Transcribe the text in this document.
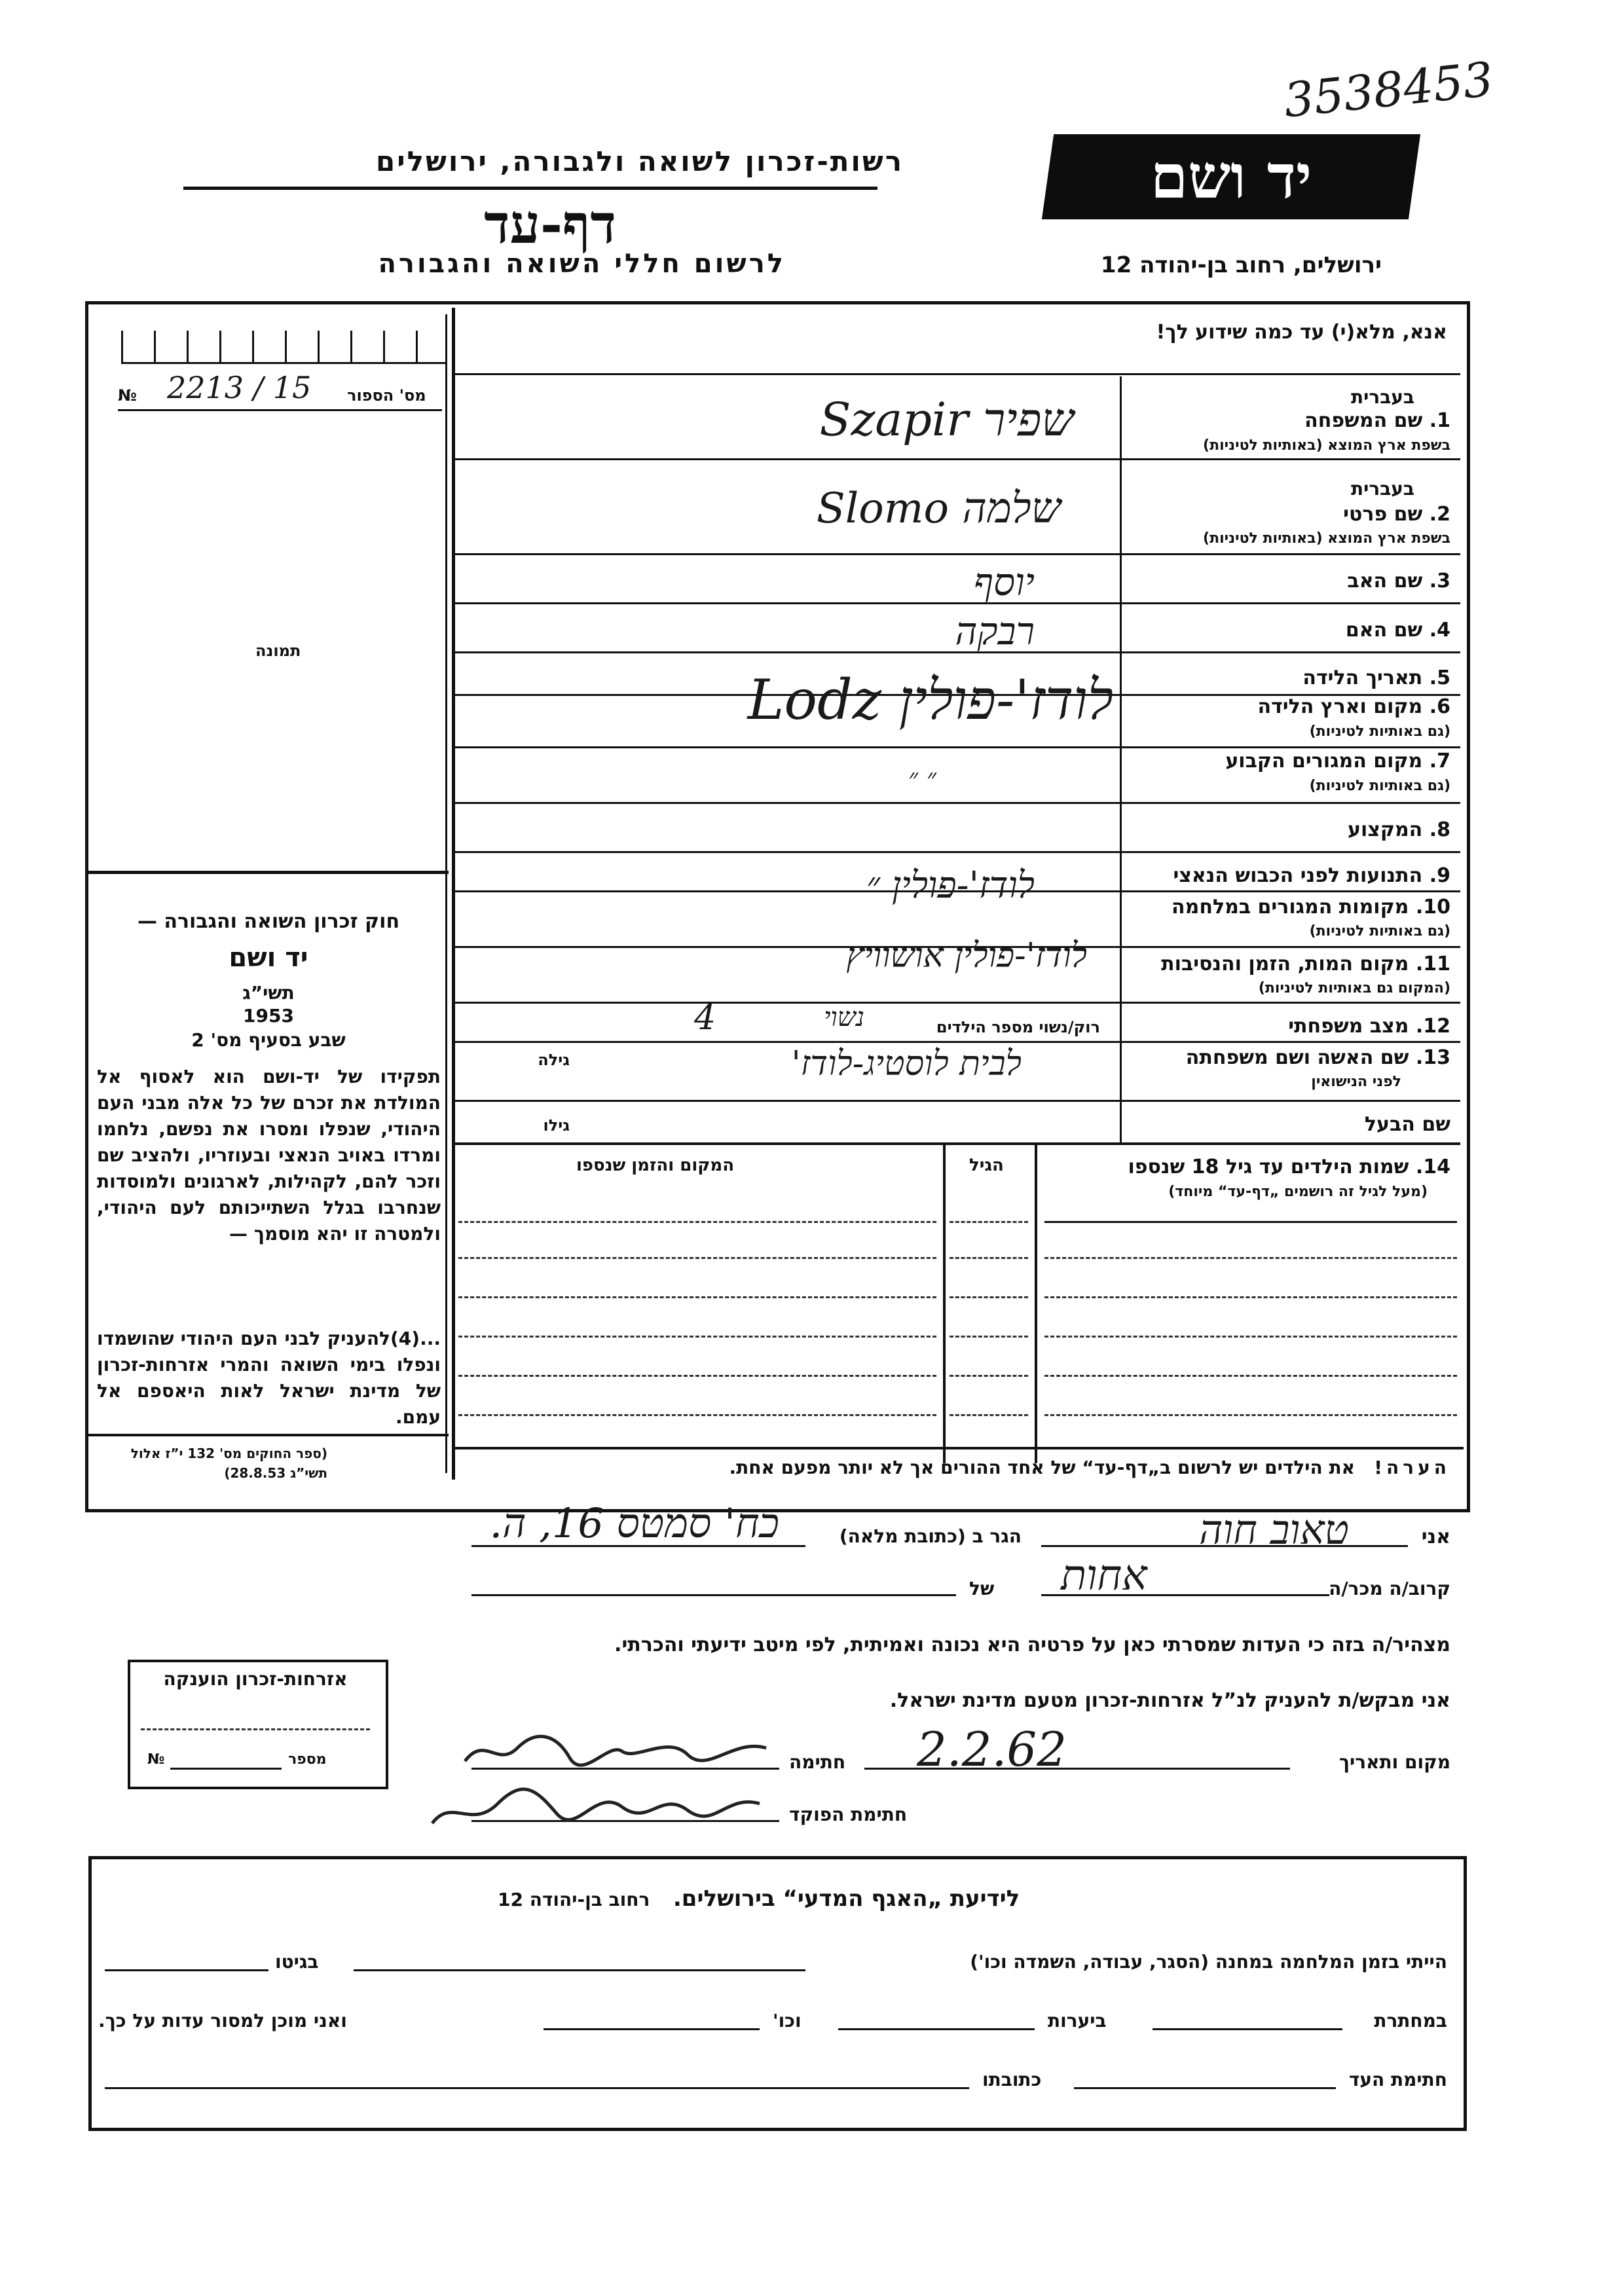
3538453
יד ושם
רשות-זכרון לשואה ולגבורה, ירושלים
דף-עד
לרשום חללי השואה והגבורה	ירושלים, רחוב בן-יהודה 12
אנא, מלא(י) עד כמה שידוע לך!
№ 2213 / 15 מס' הספור
תמונה
חוק זכרון השואה והגבורה —
יד ושם
תשי”ג
1953
שבע בסעיף מס' 2
תפקידו של יד-ושם הוא לאסוף אל המולדת את זכרם של כל אלה מבני העם היהודי, שנפלו ומסרו את נפשם, נלחמו ומרדו באויב הנאצי ובעוזריו, ולהציב שם וזכר להם, לקהילות, לארגונים ולמוסדות שנחרבו בגלל השתייכותם לעם היהודי, ולמטרה זו יהא מוסמך —
...(4)להעניק לבני העם היהודי שהושמדו ונפלו בימי השואה והמרי אזרחות-זכרון של מדינת ישראל לאות היאספם אל עמם.
(ספר החוקים מס' 132 י”ז אלול תשי”ג 28.8.53)
בעברית
1. שם המשפחה
בשפת ארץ המוצא (באותיות לטיניות)
שפיר Szapir
בעברית
2. שם פרטי
בשפת ארץ המוצא (באותיות לטיניות)
שלמה Slomo
3. שם האב
יוסף
4. שם האם
רבקה
5. תאריך הלידה
6. מקום וארץ הלידה
(גם באותיות לטיניות)
לודז'-פולין Lodz
7. מקום המגורים הקבוע
(גם באותיות לטיניות)
״ ״
8. המקצוע
9. התנועות לפני הכבוש הנאצי
10. מקומות המגורים במלחמה
(גם באותיות לטיניות)
לודז'-פולין ״
11. מקום המות, הזמן והנסיבות
(המקום גם באותיות לטיניות)
לודז'-פולין אושוויץ
12. מצב משפחתי
רוק/נשוי מספר הילדים
4	נשוי
13. שם האשה ושם משפחתה
לפני הנישואין
גילה	לבית לוסטיג-לודז'
שם הבעל
גילו
14. שמות הילדים עד גיל 18 שנספו
(מעל לגיל זה רושמים „דף-עד“ מיוחד)
הגיל
המקום והזמן שנספו
הערה!   את הילדים יש לרשום ב„דף-עד“ של אחד ההורים אך לא יותר מפעם אחת.
אני
טאוב חוה
הגר ב (כתובת מלאה)
כח' סמטס 16, ה.
קרוב/ה מכר/ה
של אחות
מצהיר/ה בזה כי העדות שמסרתי כאן על פרטיה היא נכונה ואמיתית, לפי מיטב ידיעתי והכרתי.
אני מבקש/ת להעניק לנ”ל אזרחות-זכרון מטעם מדינת ישראל.
מקום ותאריך
2.2.62
חתימה
חתימת הפוקד
אזרחות-זכרון הוענקה
№	מספר
לידיעת „האגף המדעי“ בירושלים.   רחוב בן-יהודה 12
הייתי בזמן המלחמה במחנה (הסגר, עבודה, השמדה וכו')
בגיטו
במחתרת
ביערות
וכו'
ואני מוכן למסור עדות על כך.
חתימת העד
כתובתו
